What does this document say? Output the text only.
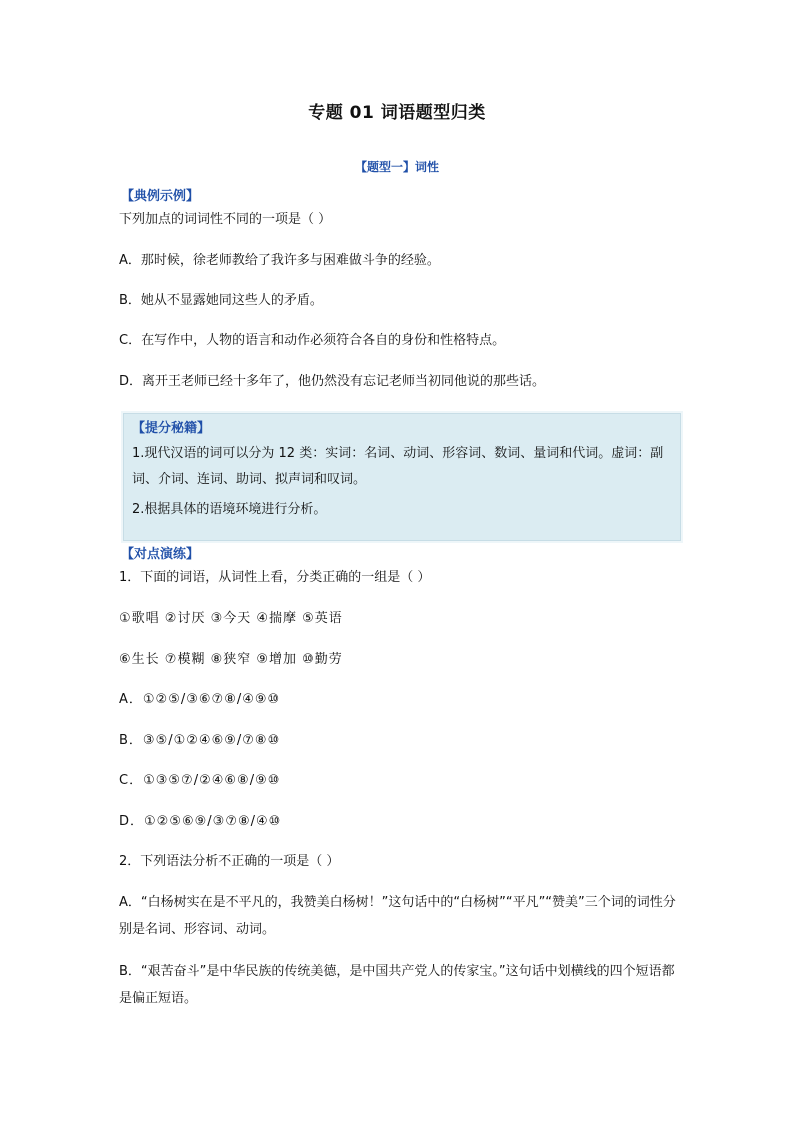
专题 01 词语题型归类
【题型一】词性
【典例示例】
下列加点的词词性不同的一项是（ ）
A．那时候，徐老师教给了我许多与困难做斗争的经验。
B．她从不显露她同这些人的矛盾。
C．在写作中，人物的语言和动作必须符合各自的身份和性格特点。
D．离开王老师已经十多年了，他仍然没有忘记老师当初同他说的那些话。
【提分秘籍】
1.现代汉语的词可以分为 12 类：实词：名词、动词、形容词、数词、量词和代词。虚词：副词、介词、连词、助词、拟声词和叹词。
2.根据具体的语境环境进行分析。
【对点演练】
1．下面的词语，从词性上看，分类正确的一组是（ ）
①歌唱 ②讨厌 ③今天 ④揣摩 ⑤英语
⑥生长 ⑦模糊 ⑧狭窄 ⑨增加 ⑩勤劳
A．①②⑤/③⑥⑦⑧/④⑨⑩
B．③⑤/①②④⑥⑨/⑦⑧⑩
C．①③⑤⑦/②④⑥⑧/⑨⑩
D．①②⑤⑥⑨/③⑦⑧/④⑩
2．下列语法分析不正确的一项是（ ）
A．“白杨树实在是不平凡的，我赞美白杨树！”这句话中的“白杨树”“平凡”“赞美”三个词的词性分别是名词、形容词、动词。
B．“艰苦奋斗”是中华民族的传统美德，是中国共产党人的传家宝。”这句话中划横线的四个短语都是偏正短语。
